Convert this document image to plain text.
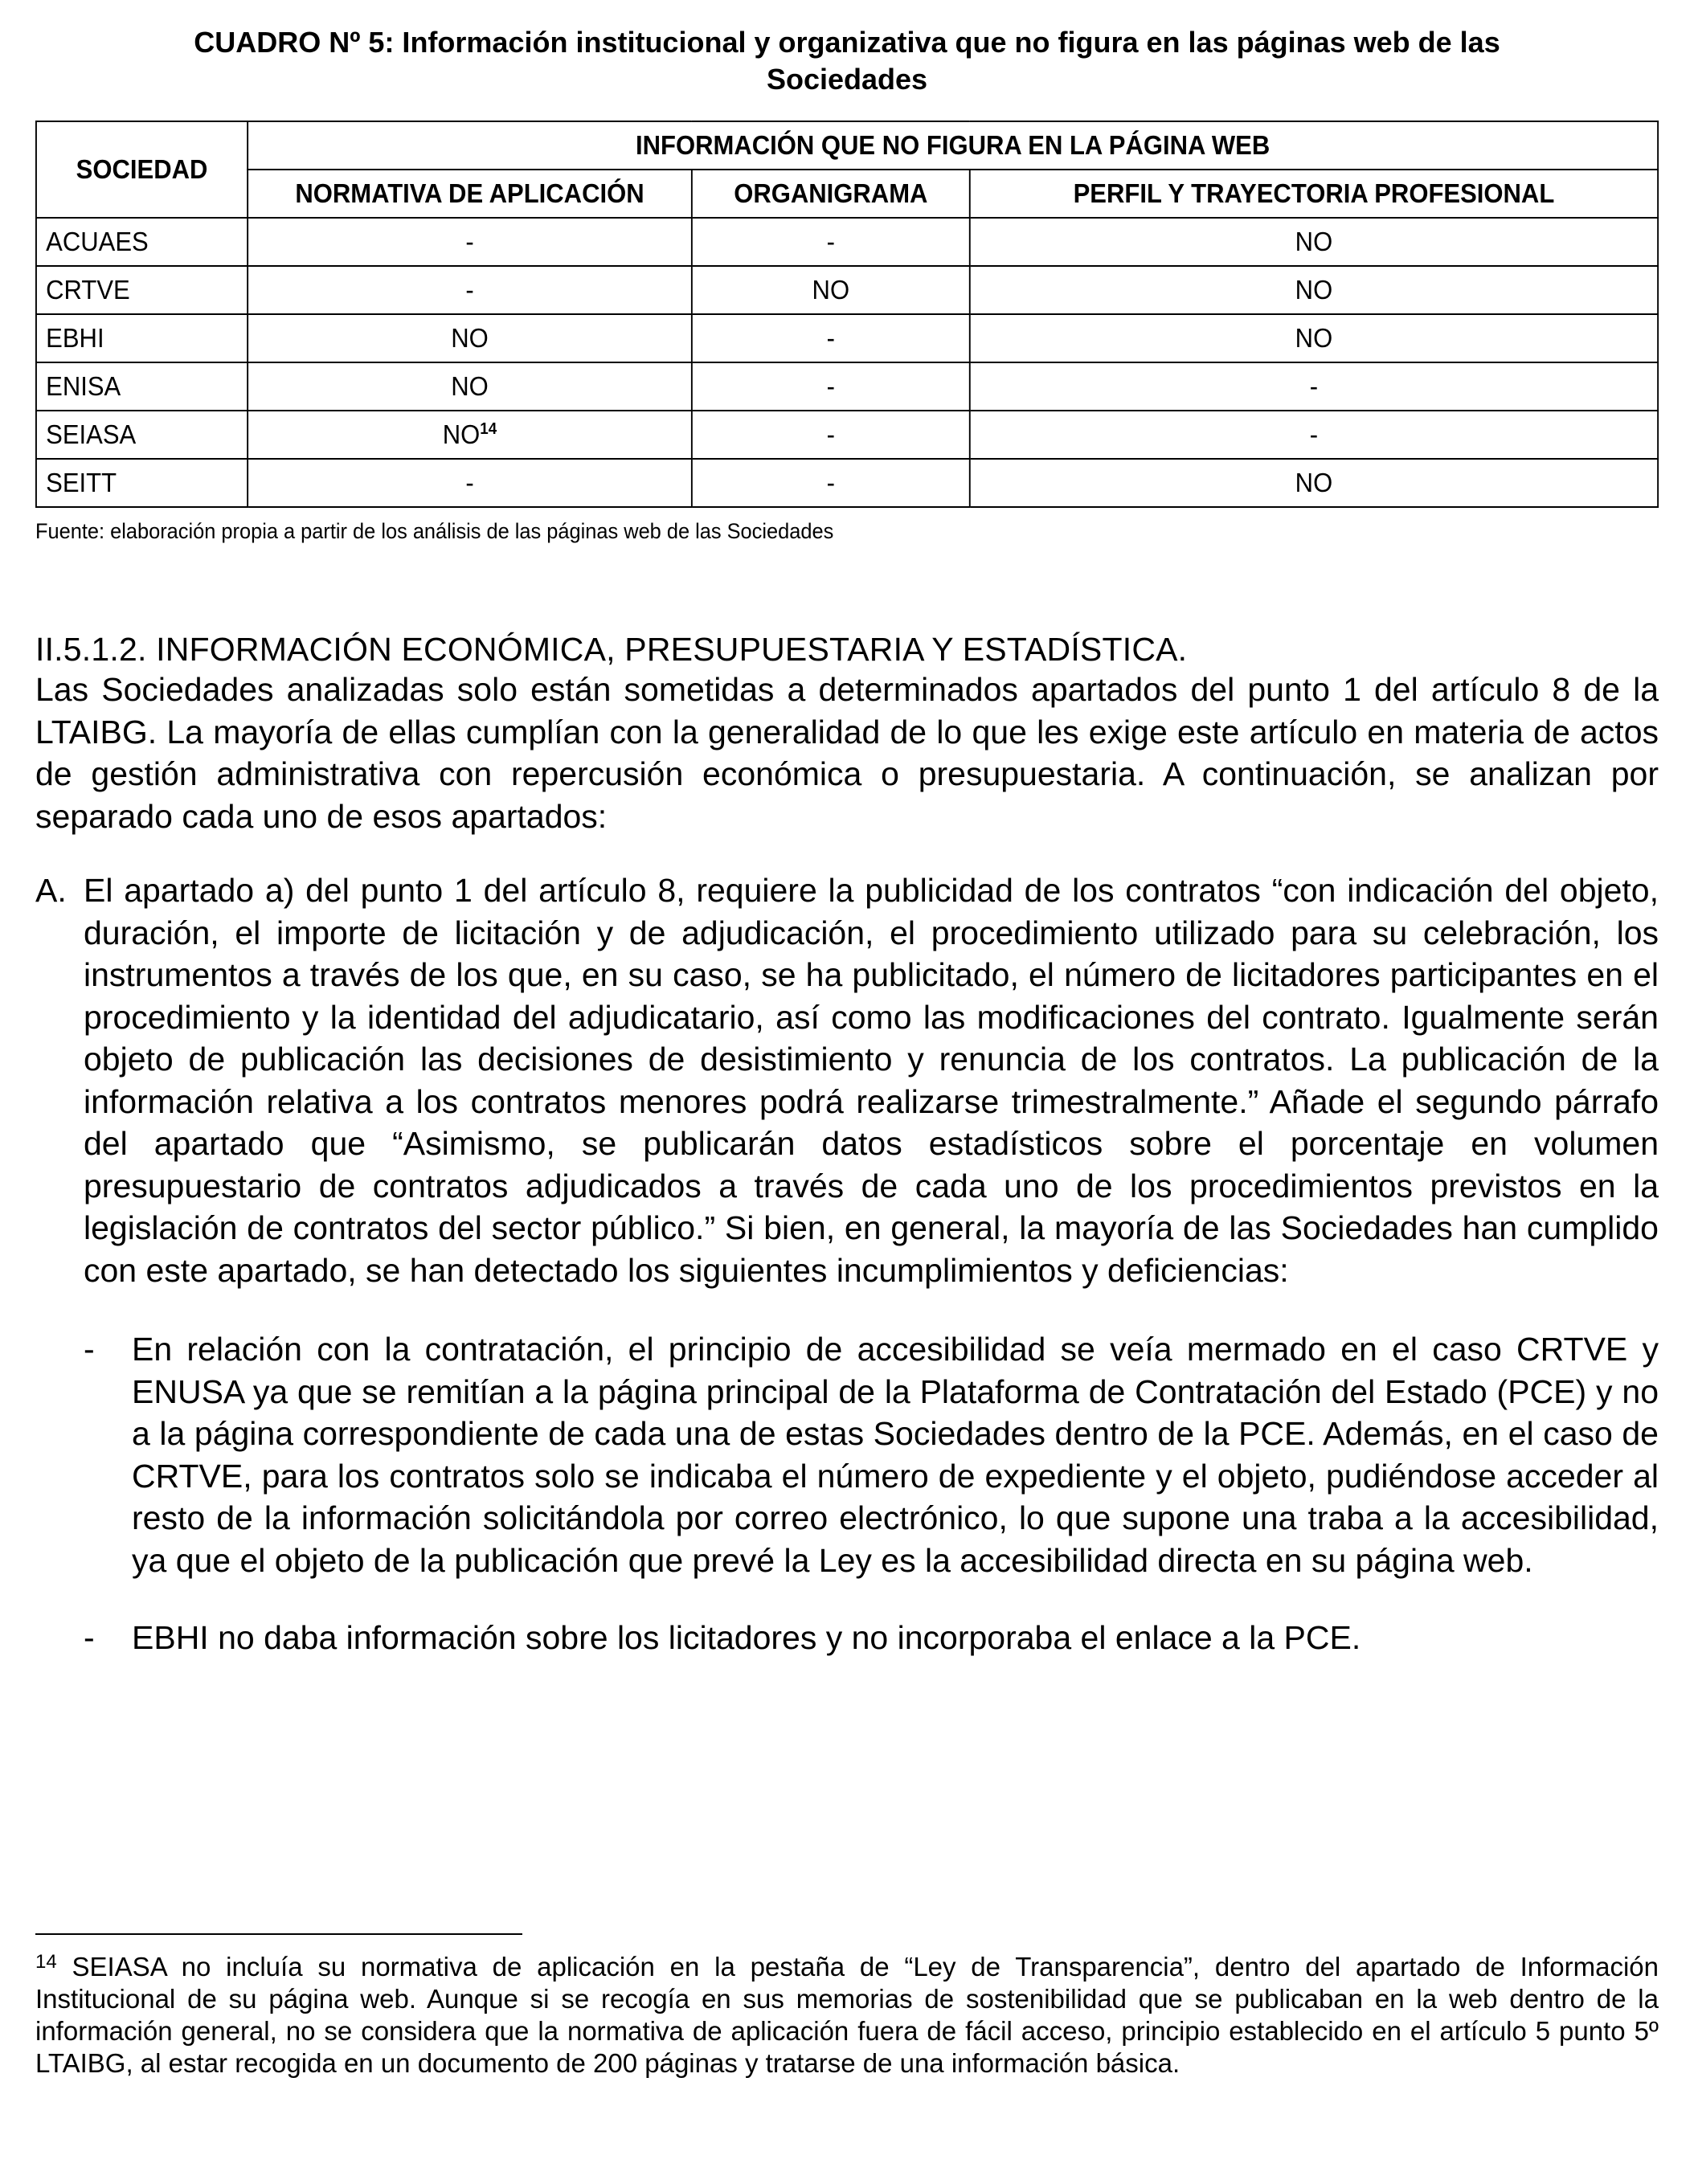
CUADRO Nº 5: Información institucional y organizativa que no figura en las páginas web de las
Sociedades
SOCIEDAD	INFORMACIÓN QUE NO FIGURA EN LA PÁGINA WEB		
	NORMATIVA DE APLICACIÓN	ORGANIGRAMA	PERFIL Y TRAYECTORIA PROFESIONAL
ACUAES	-	-	NO
CRTVE	-	NO	NO
EBHI	NO	-	NO
ENISA	NO	-	-
SEIASA	NO$^{14}$	-	-
SEITT	-	-	NO
Fuente: elaboración propia a partir de los análisis de las páginas web de las Sociedades
II.5.1.2. INFORMACIÓN ECONÓMICA, PRESUPUESTARIA Y ESTADÍSTICA.

Las Sociedades analizadas solo están sometidas a determinados apartados del punto 1 del artículo 8 de la LTAIBG. La mayoría de ellas cumplían con la generalidad de lo que les exige este artículo en materia de actos de gestión administrativa con repercusión económica o presupuestaria. A continuación, se analizan por separado cada uno de esos apartados:

A. El apartado a) del punto 1 del artículo 8, requiere la publicidad de los contratos “con indicación del objeto, duración, el importe de licitación y de adjudicación, el procedimiento utilizado para su celebración, los instrumentos a través de los que, en su caso, se ha publicitado, el número de licitadores participantes en el procedimiento y la identidad del adjudicatario, así como las modificaciones del contrato. Igualmente serán objeto de publicación las decisiones de desistimiento y renuncia de los contratos. La publicación de la información relativa a los contratos menores podrá realizarse trimestralmente.” Añade el segundo párrafo del apartado que “Asimismo, se publicarán datos estadísticos sobre el porcentaje en volumen presupuestario de contratos adjudicados a través de cada uno de los procedimientos previstos en la legislación de contratos del sector público.” Si bien, en general, la mayoría de las Sociedades han cumplido con este apartado, se han detectado los siguientes incumplimientos y deficiencias:

- En relación con la contratación, el principio de accesibilidad se veía mermado en el caso CRTVE y ENUSA ya que se remitían a la página principal de la Plataforma de Contratación del Estado (PCE) y no a la página correspondiente de cada una de estas Sociedades dentro de la PCE. Además, en el caso de CRTVE, para los contratos solo se indicaba el número de expediente y el objeto, pudiéndose acceder al resto de la información solicitándola por correo electrónico, lo que supone una traba a la accesibilidad, ya que el objeto de la publicación que prevé la Ley es la accesibilidad directa en su página web.

- EBHI no daba información sobre los licitadores y no incorporaba el enlace a la PCE.

$^{14}$ SEIASA no incluía su normativa de aplicación en la pestaña de “Ley de Transparencia”, dentro del apartado de Información Institucional de su página web. Aunque si se recogía en sus memorias de sostenibilidad que se publicaban en la web dentro de la información general, no se considera que la normativa de aplicación fuera de fácil acceso, principio establecido en el artículo 5 punto 5º LTAIBG, al estar recogida en un documento de 200 páginas y tratarse de una información básica.
